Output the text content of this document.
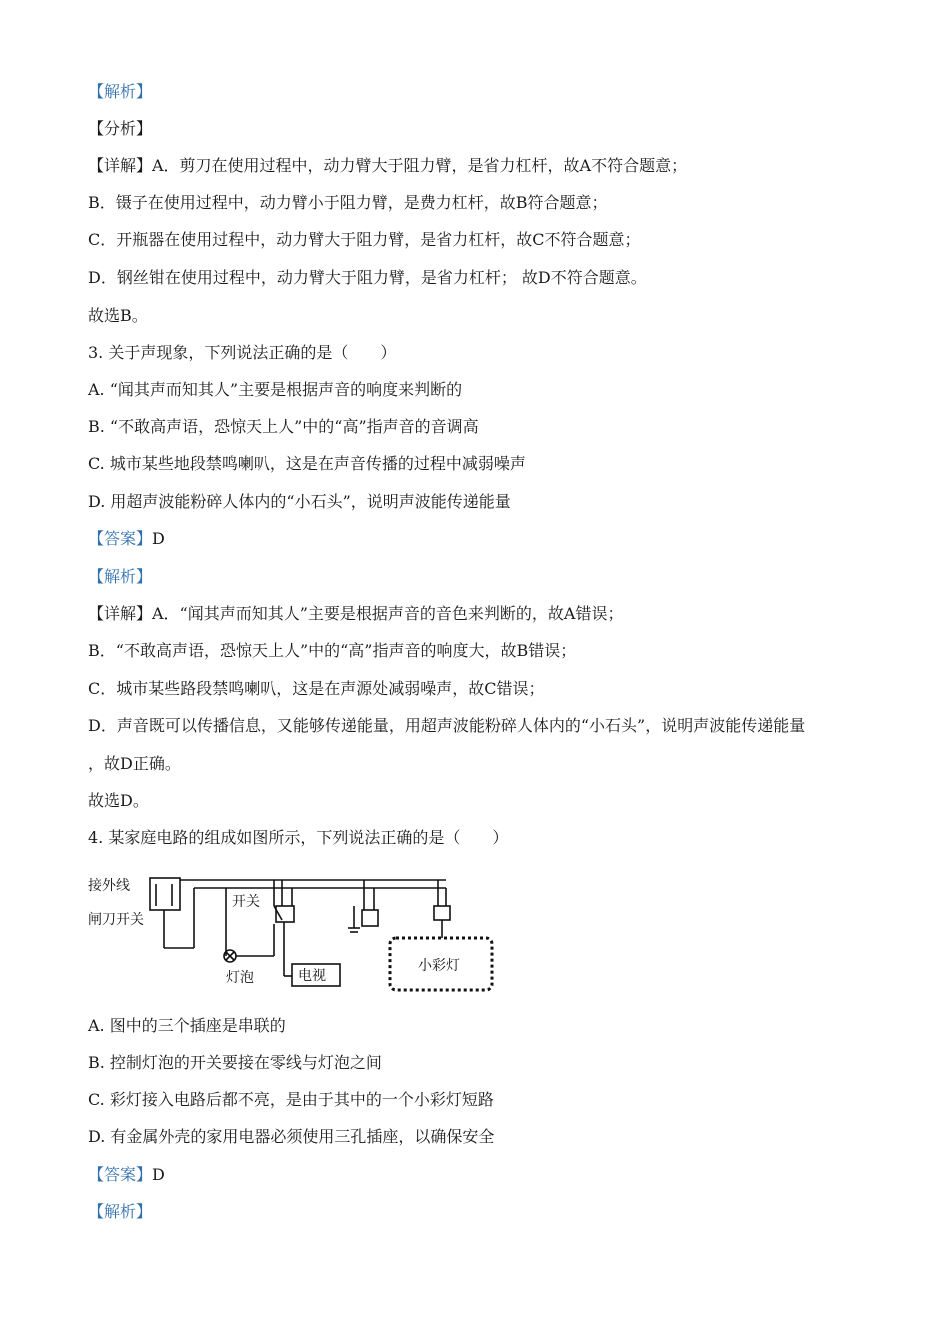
【解析】
【分析】
【详解】A．剪刀在使用过程中，动力臂大于阻力臂，是省力杠杆，故A不符合题意；
B．镊子在使用过程中，动力臂小于阻力臂，是费力杠杆，故B符合题意；
C．开瓶器在使用过程中，动力臂大于阻力臂，是省力杠杆，故C不符合题意；
D．钢丝钳在使用过程中，动力臂大于阻力臂，是省力杠杆； 故D不符合题意。
故选B。
3. 关于声现象，下列说法正确的是（　　）
A. “闻其声而知其人”主要是根据声音的响度来判断的
B. “不敢高声语，恐惊天上人”中的“高”指声音的音调高
C. 城市某些地段禁鸣喇叭，这是在声音传播的过程中减弱噪声
D. 用超声波能粉碎人体内的“小石头”，说明声波能传递能量
【答案】D
【解析】
【详解】A．“闻其声而知其人”主要是根据声音的音色来判断的，故A错误；
B．“不敢高声语，恐惊天上人”中的“高”指声音的响度大，故B错误；
C．城市某些路段禁鸣喇叭，这是在声源处减弱噪声，故C错误；
D．声音既可以传播信息，又能够传递能量，用超声波能粉碎人体内的“小石头”，说明声波能传递能量
，故D正确。
故选D。
4. 某家庭电路的组成如图所示，下列说法正确的是（　　）
接外线
闸刀开关
开关
灯泡	电视
小彩灯
A. 图中的三个插座是串联的
B. 控制灯泡的开关要接在零线与灯泡之间
C. 彩灯接入电路后都不亮，是由于其中的一个小彩灯短路
D. 有金属外壳的家用电器必须使用三孔插座，以确保安全
【答案】D
【解析】
